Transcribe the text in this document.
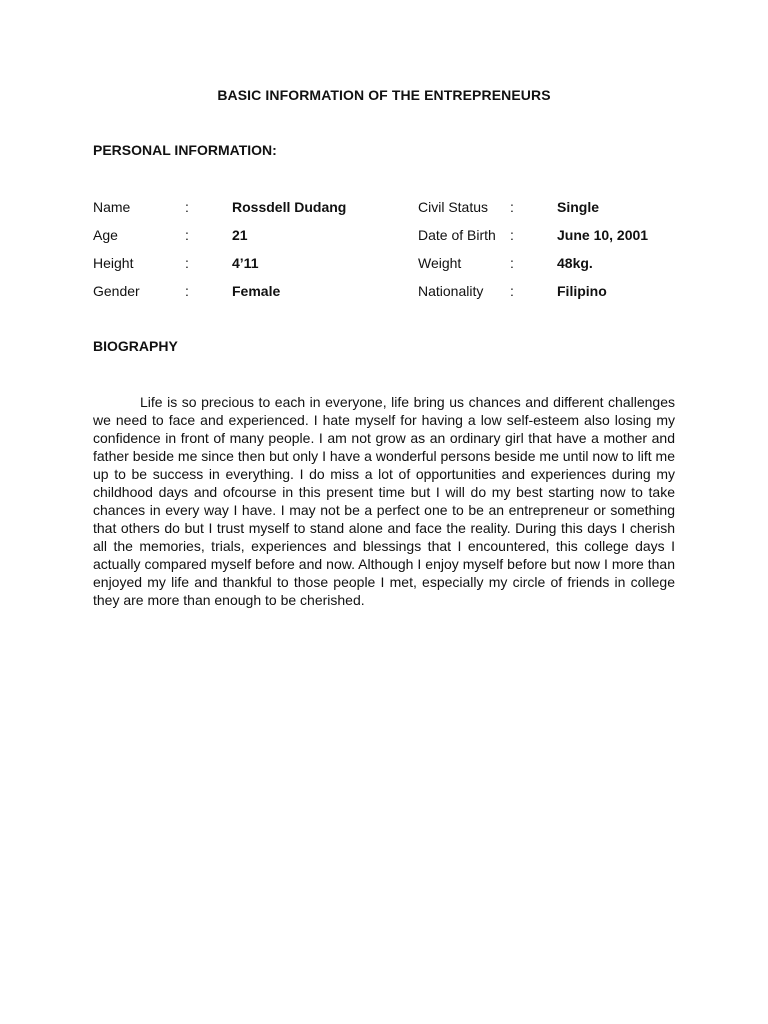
BASIC INFORMATION OF THE ENTREPRENEURS
PERSONAL INFORMATION:
Name	:	Rossdell Dudang	Civil Status :	Single
Age	:	21	Date of Birth :	June 10, 2001
Height	:	4’11	Weight	:	48kg.
Gender	:	Female	Nationality :	Filipino
BIOGRAPHY

Life is so precious to each in everyone, life bring us chances and different challenges we need to face and experienced. I hate myself for having a low self-esteem also losing my confidence in front of many people. I am not grow as an ordinary girl that have a mother and father beside me since then but only I have a wonderful persons beside me until now to lift me up to be success in everything. I do miss a lot of opportunities and experiences during my childhood days and ofcourse in this present time but I will do my best starting now to take chances in every way I have. I may not be a perfect one to be an entrepreneur or something that others do but I trust myself to stand alone and face the reality. During this days I cherish all the memories, trials, experiences and blessings that I encountered, this college days I actually compared myself before and now. Although I enjoy myself before but now I more than enjoyed my life and thankful to those people I met, especially my circle of friends in college they are more than enough to be cherished.
